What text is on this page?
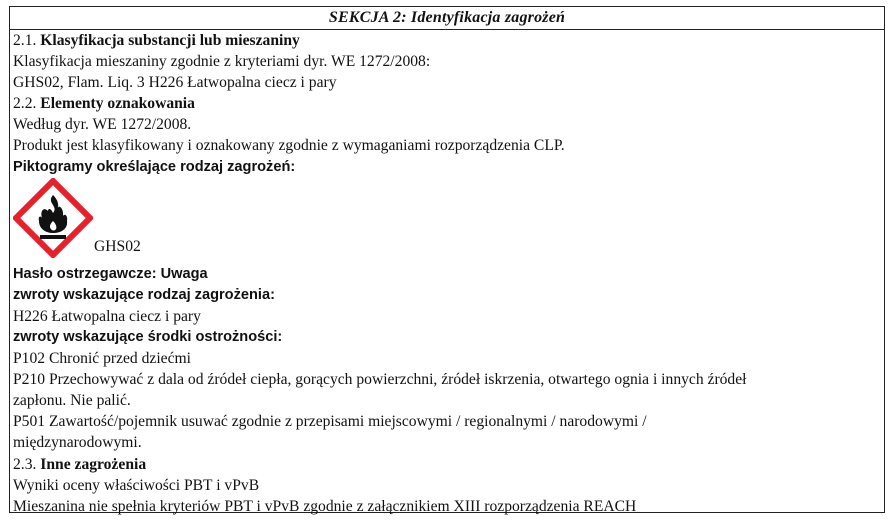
SEKCJA 2: Identyfikacja zagrożeń
2.1. Klasyfikacja substancji lub mieszaniny
Klasyfikacja mieszaniny zgodnie z kryteriami dyr. WE 1272/2008:
GHS02, Flam. Liq. 3 H226 Łatwopalna ciecz i pary
2.2. Elementy oznakowania
Według dyr. WE 1272/2008.
Produkt jest klasyfikowany i oznakowany zgodnie z wymaganiami rozporządzenia CLP.
Piktogramy określające rodzaj zagrożeń:
GHS02
Hasło ostrzegawcze: Uwaga
zwroty wskazujące rodzaj zagrożenia:
H226 Łatwopalna ciecz i pary
zwroty wskazujące środki ostrożności:
P102 Chronić przed dziećmi
P210 Przechowywać z dala od źródeł ciepła, gorących powierzchni, źródeł iskrzenia, otwartego ognia i innych źródeł
zapłonu. Nie palić.
P501 Zawartość/pojemnik usuwać zgodnie z przepisami miejscowymi / regionalnymi / narodowymi /
międzynarodowymi.
2.3. Inne zagrożenia
Wyniki oceny właściwości PBT i vPvB
Mieszanina nie spełnia kryteriów PBT i vPvB zgodnie z załącznikiem XIII rozporządzenia REACH
